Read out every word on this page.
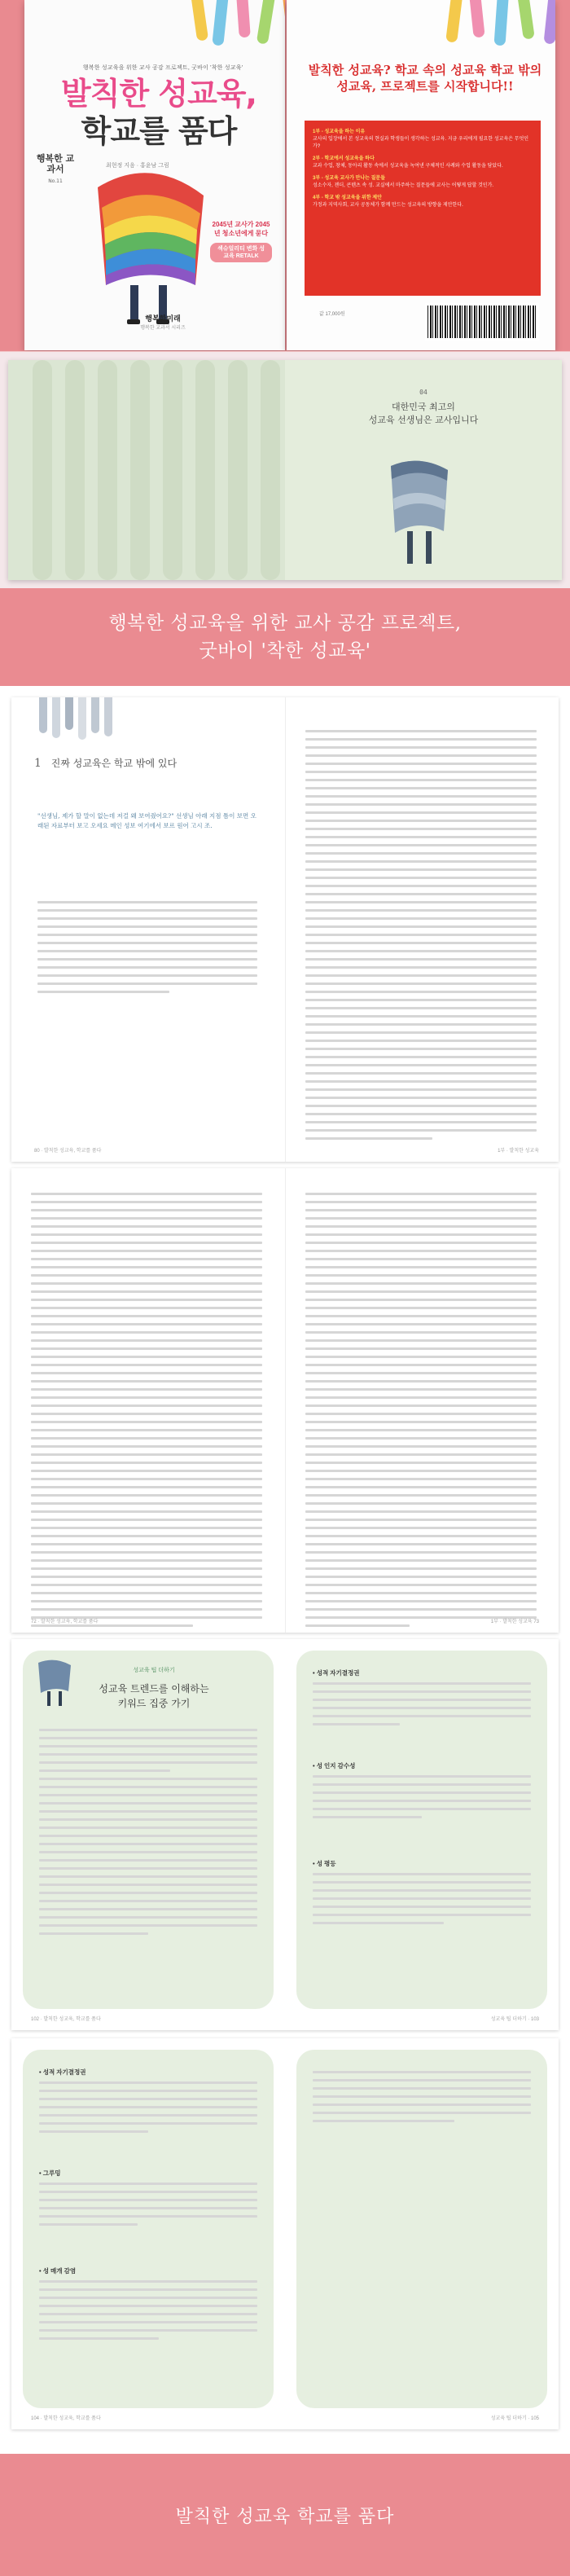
행복한 성교육을 위한 교사 공감 프로젝트, 굿바이 '착한 성교육'
발칙한 성교육,
학교를 품다
행복한 교과서
No.11
최현정 지음 · 홍윤남 그림
2045년 교사가 2045년 청소년에게 묻다
섹슈얼리티 변화 성교육 RETALK
행복한미래
행복한 교과서 시리즈
발칙한 성교육? 학교 속의 성교육 학교 밖의 성교육, 프로젝트를 시작합니다!!

1부 - 성교육을 하는 이유
교사의 입장에서 본 성교육의 현실과 학생들이 생각하는 성교육. 지금 우리에게 필요한 성교육은 무엇인가?

2부 - 학교에서 성교육을 하다
교과 수업, 창체, 동아리 활동 속에서 성교육을 녹여낸 구체적인 사례와 수업 활동을 담았다.

3부 - 성교육 교사가 만나는 질문들
성소수자, 젠더, 콘텐츠 속 성. 교실에서 마주하는 질문들에 교사는 어떻게 답할 것인가.

4부 - 학교 밖 성교육을 위한 제안
가정과 지역사회, 교사 공동체가 함께 만드는 성교육의 방향을 제안한다.

값 17,000원
04
대한민국 최고의
성교육 선생님은 교사입니다
행복한 성교육을 위한 교사 공감 프로젝트,
굿바이 '착한 성교육'
1 진짜 성교육은 학교 밖에 있다
"선생님, 제가 할 말이 없는데 저걸 왜 보여줬어요?" 선생님 아래 지점 틈이 보면 오래된 자료부터 보고 오세요 메인 성보 여기에서 보르 원어 고시 조.
80 · 발칙한 성교육, 학교를 품다	1부 · 발칙한 성교육
72 · 발칙한 성교육, 학교를 품다	1부 · 발칙한 성교육 73
성교육 팁 더하기
성교육 트렌드를 이해하는
키워드 집중 가기
102 · 발칙한 성교육, 학교를 품다
• 성적 자기결정권
• 성 인지 감수성
• 성 평등
성교육 팁 더하기 · 103
• 성적 자기결정권
• 그루밍
• 성 매개 감염
104 · 발칙한 성교육, 학교를 품다	성교육 팁 더하기 · 105
발칙한 성교육 학교를 품다
